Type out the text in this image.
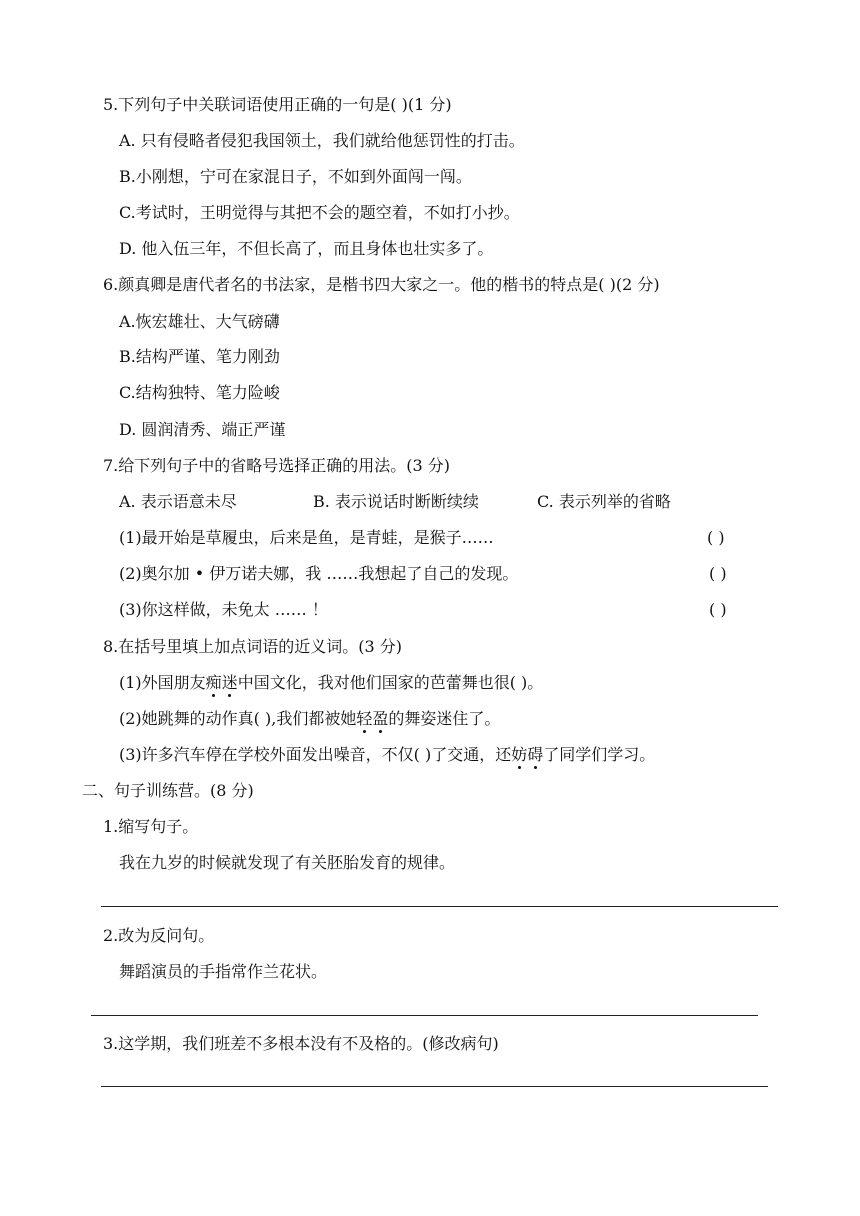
5.下列句子中关联词语使用正确的一句是( )(1 分)
A. 只有侵略者侵犯我国领土，我们就给他惩罚性的打击。
B.小刚想，宁可在家混日子，不如到外面闯一闯。
C.考试时，王明觉得与其把不会的题空着，不如打小抄。
D. 他入伍三年，不但长高了，而且身体也壮实多了。
6.颜真卿是唐代者名的书法家，是楷书四大家之一。他的楷书的特点是( )(2 分)
A.恢宏雄壮、大气磅礴
B.结构严谨、笔力刚劲
C.结构独特、笔力险峻
D. 圆润清秀、端正严谨
7.给下列句子中的省略号选择正确的用法。(3 分)
A. 表示语意未尽	B. 表示说话时断断续续	C. 表示列举的省略
(1)最开始是草履虫，后来是鱼，是青蛙，是猴子……	( )
(2)奥尔加 • 伊万诺夫娜，我 ……我想起了自己的发现。	( )
(3)你这样做，未免太 …… ！	( )
8.在括号里填上加点词语的近义词。(3 分)
(1)外国朋友痴迷中国文化，我对他们国家的芭蕾舞也很( )。
(2)她跳舞的动作真( ),我们都被她轻盈的舞姿迷住了。
(3)许多汽车停在学校外面发出噪音，不仅( )了交通，还妨碍了同学们学习。
二、句子训练营。(8 分)
1.缩写句子。
我在九岁的时候就发现了有关胚胎发育的规律。
2.改为反问句。
舞蹈演员的手指常作兰花状。
3.这学期，我们班差不多根本没有不及格的。(修改病句)
